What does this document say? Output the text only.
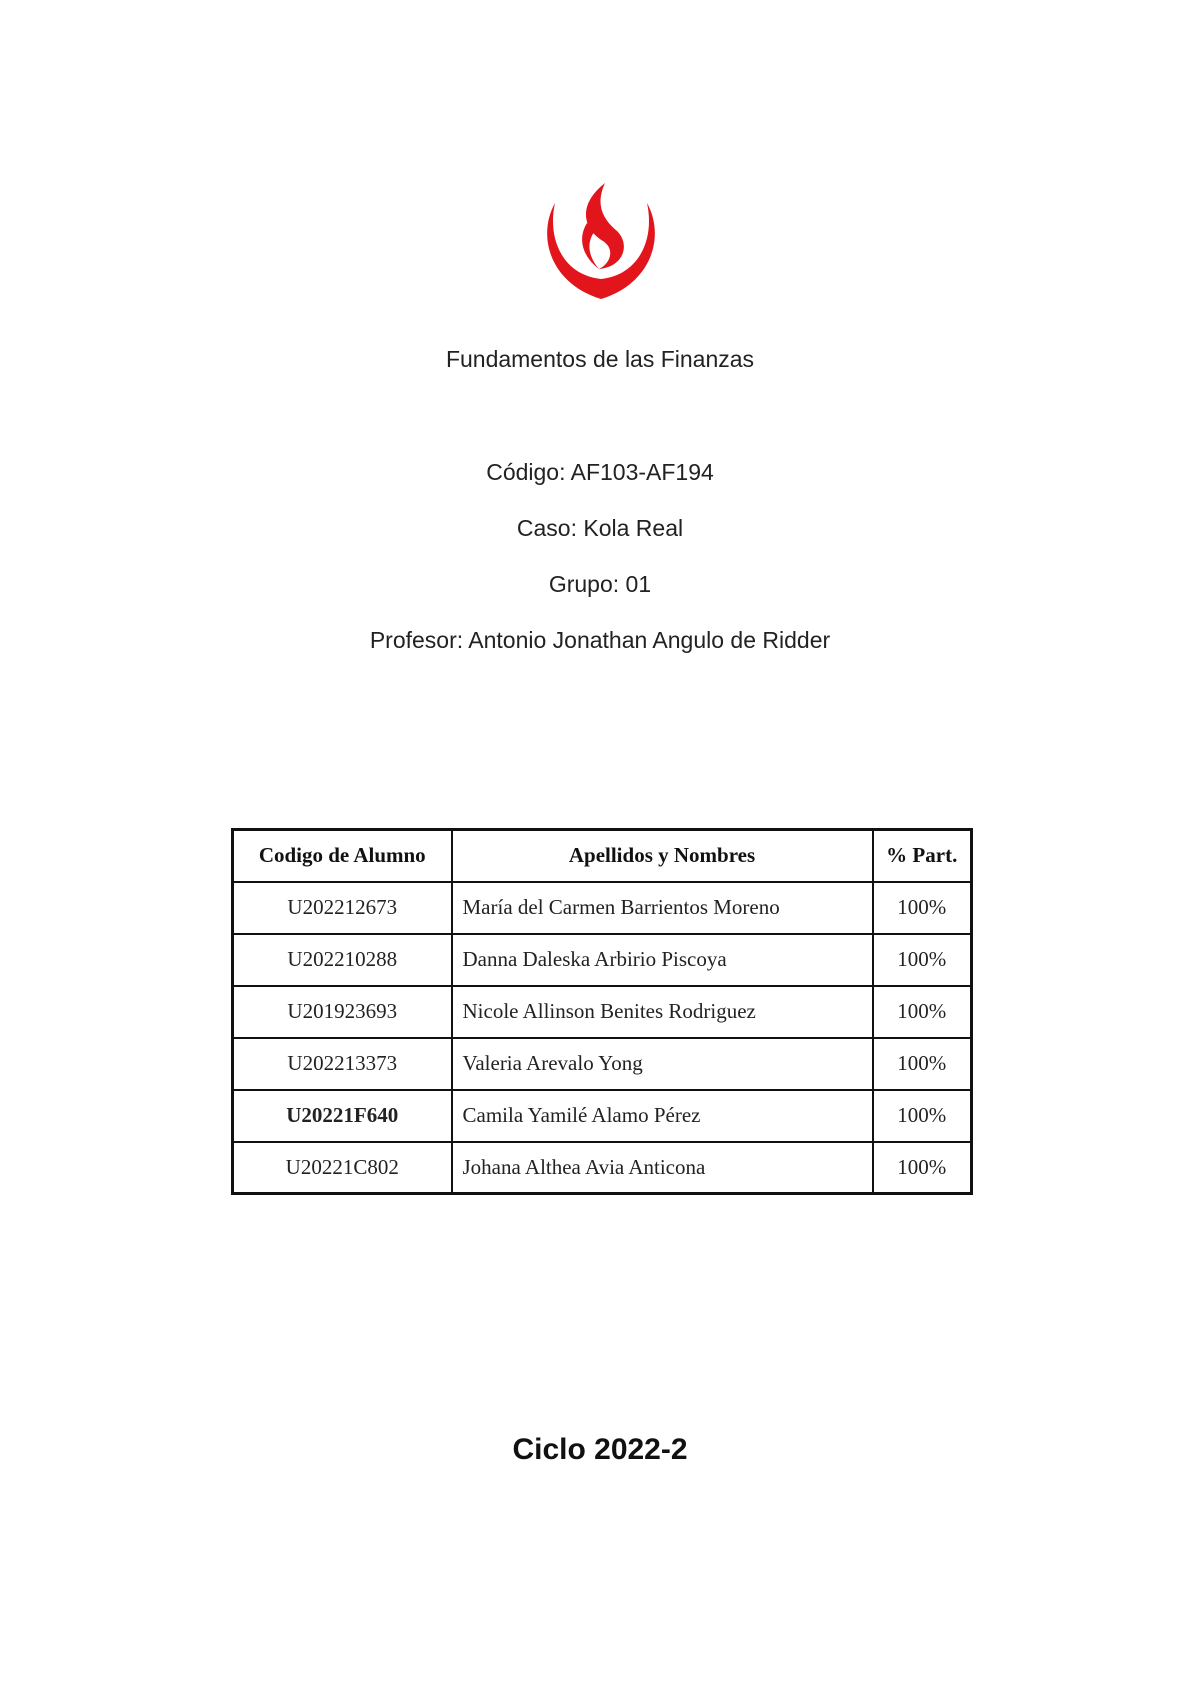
Fundamentos de las Finanzas
Código: AF103-AF194
Caso: Kola Real
Grupo: 01
Profesor: Antonio Jonathan Angulo de Ridder
Codigo de Alumno	Apellidos y Nombres	% Part.
U202212673	María del Carmen Barrientos Moreno	100%
U202210288	Danna Daleska Arbirio Piscoya	100%
U201923693	Nicole Allinson Benites Rodriguez	100%
U202213373	Valeria Arevalo Yong	100%
U20221F640	Camila Yamilé Alamo Pérez	100%
U20221C802	Johana Althea Avia Anticona	100%
Ciclo 2022-2
